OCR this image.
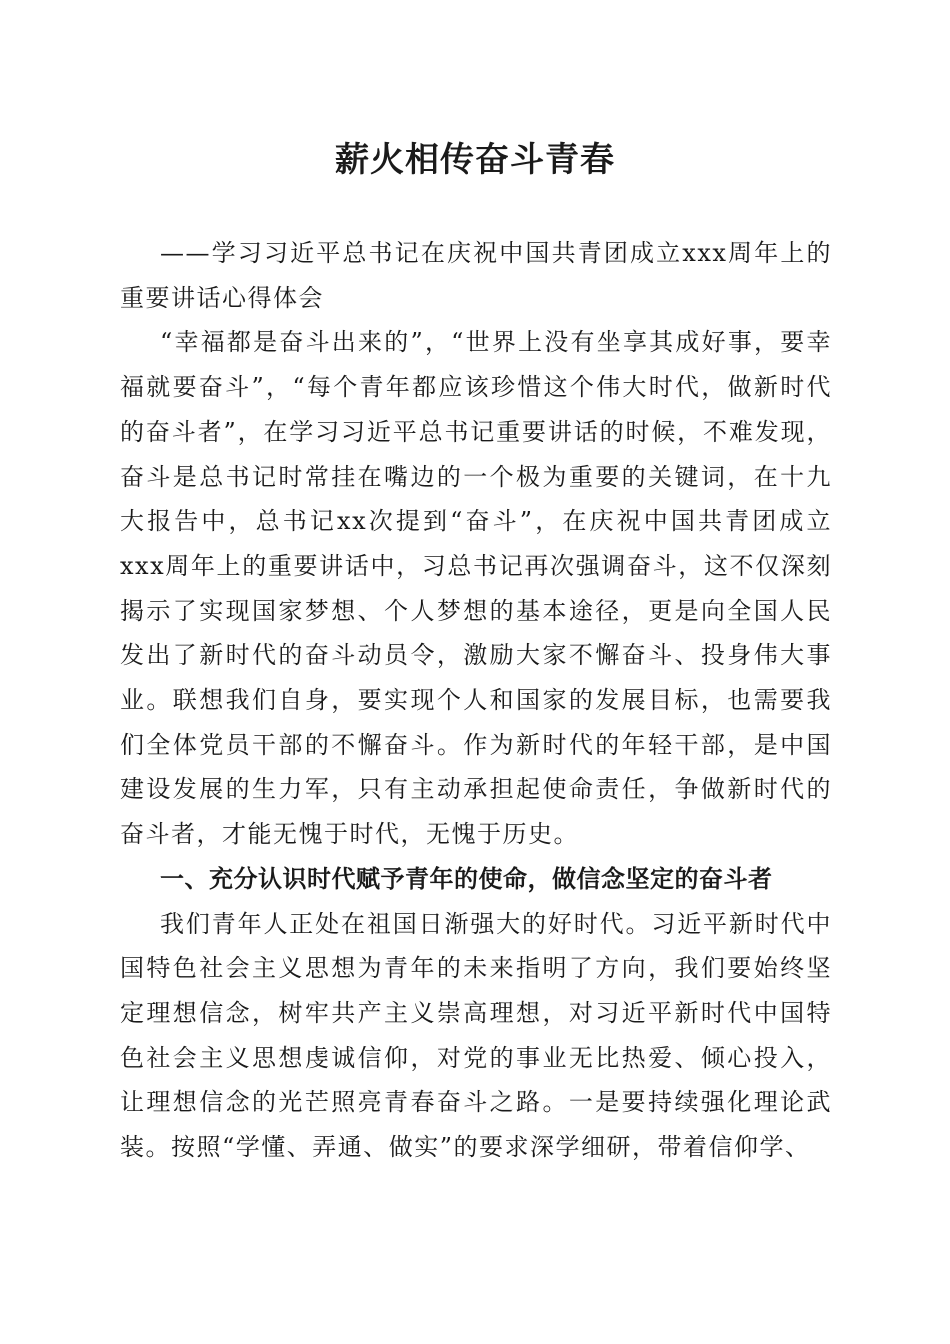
薪火相传奋斗青春

——学习习近平总书记在庆祝中国共青团成立xxx周年上的重要讲话心得体会

“幸福都是奋斗出来的”，“世界上没有坐享其成好事，要幸福就要奋斗”，“每个青年都应该珍惜这个伟大时代，做新时代的奋斗者”，在学习习近平总书记重要讲话的时候，不难发现，奋斗是总书记时常挂在嘴边的一个极为重要的关键词，在十九大报告中，总书记xx次提到“奋斗”，在庆祝中国共青团成立xxx周年上的重要讲话中，习总书记再次强调奋斗，这不仅深刻揭示了实现国家梦想、个人梦想的基本途径，更是向全国人民发出了新时代的奋斗动员令，激励大家不懈奋斗、投身伟大事业。联想我们自身，要实现个人和国家的发展目标，也需要我们全体党员干部的不懈奋斗。作为新时代的年轻干部，是中国建设发展的生力军，只有主动承担起使命责任，争做新时代的奋斗者，才能无愧于时代，无愧于历史。

一、充分认识时代赋予青年的使命，做信念坚定的奋斗者

我们青年人正处在祖国日渐强大的好时代。习近平新时代中国特色社会主义思想为青年的未来指明了方向，我们要始终坚定理想信念，树牢共产主义崇高理想，对习近平新时代中国特色社会主义思想虔诚信仰，对党的事业无比热爱、倾心投入，让理想信念的光芒照亮青春奋斗之路。一是要持续强化理论武装。按照“学懂、弄通、做实”的要求深学细研，带着信仰学、
